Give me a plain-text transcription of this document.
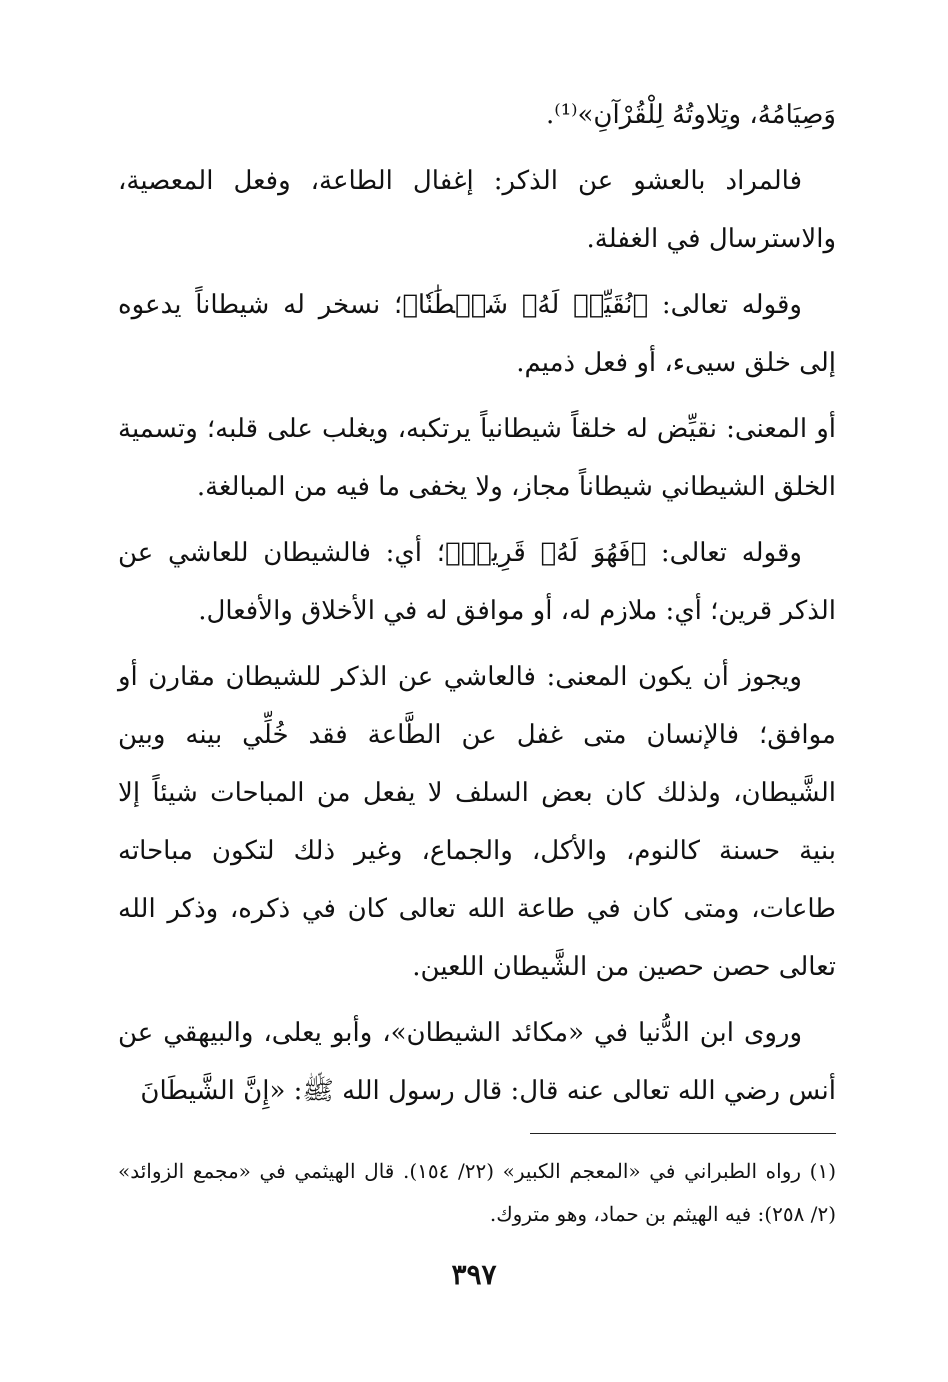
وَصِيَامُهُ، وتِلاوتُهُ لِلْقُرْآنِ»⁽¹⁾.

فالمراد بالعشو عن الذكر: إغفال الطاعة، وفعل المعصية، والاسترسال في الغفلة.

وقوله تعالى: ﴿نُقَيِّضۡ لَهُۥ شَيۡطَٰنٗا﴾؛ نسخر له شيطاناً يدعوه إلى خلق سيىء، أو فعل ذميم.

أو المعنى: نقيِّض له خلقاً شيطانياً يرتكبه، ويغلب على قلبه؛ وتسمية الخلق الشيطاني شيطاناً مجاز، ولا يخفى ما فيه من المبالغة.

وقوله تعالى: ﴿فَهُوَ لَهُۥ قَرِينٞ﴾؛ أي: فالشيطان للعاشي عن الذكر قرين؛ أي: ملازم له، أو موافق له في الأخلاق والأفعال.

ويجوز أن يكون المعنى: فالعاشي عن الذكر للشيطان مقارن أو موافق؛ فالإنسان متى غفل عن الطَّاعة فقد خُلِّي بينه وبين الشَّيطان، ولذلك كان بعض السلف لا يفعل من المباحات شيئاً إلا بنية حسنة كالنوم، والأكل، والجماع، وغير ذلك لتكون مباحاته طاعات، ومتى كان في طاعة الله تعالى كان في ذكره، وذكر الله تعالى حصن حصين من الشَّيطان اللعين.

وروى ابن الدُّنيا في «مكائد الشيطان»، وأبو يعلى، والبيهقي عن أنس رضي الله تعالى عنه قال: قال رسول الله ﷺ: «إِنَّ الشَّيطَانَ

(١) رواه الطبراني في «المعجم الكبير» (٢٢/ ١٥٤). قال الهيثمي في «مجمع الزوائد» (٢/ ٢٥٨): فيه الهيثم بن حماد، وهو متروك.
٣٩٧
